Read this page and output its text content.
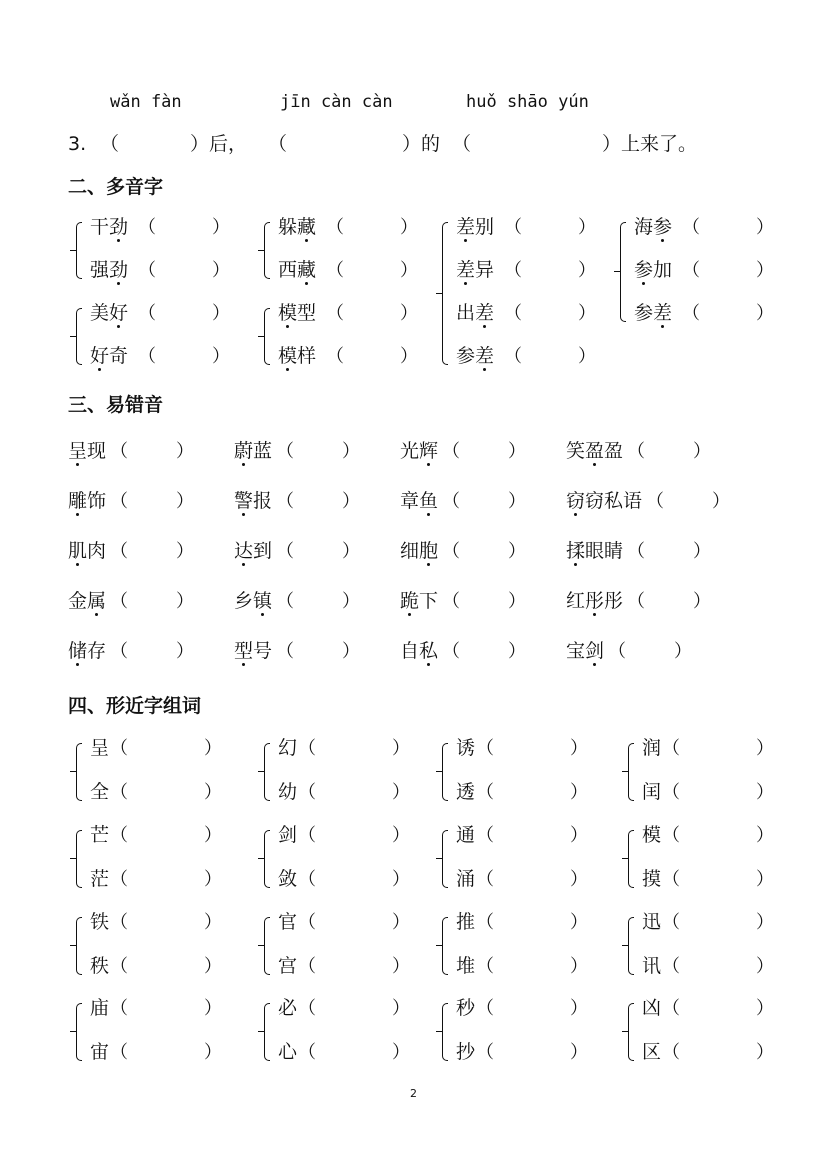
wǎn fàn	jīn càn càn	huǒ shāo yún
3. （	）后， （	）的 （	）上来了。
二、多音字
干劲 （	）
强劲 （	）
躲藏 （	）
西藏 （	）
差别 （	）
差异 （	）
出差 （	）
参差 （	）
海参 （	）
参加 （	）
参差 （	）
美好 （	）
好奇 （	）
模型 （	）
模样 （	）
三、易错音
呈现 （	） 蔚蓝 （	） 光辉 （	） 笑盈盈 （	）
雕饰 （	） 警报 （	） 章鱼 （	） 窃窃私语 （	）
肌肉 （	） 达到 （	） 细胞 （	） 揉眼睛 （	）
金属 （	） 乡镇 （	） 跪下 （	） 红彤彤 （	）
储存 （	） 型号 （	） 自私 （	） 宝剑 （	）
四、形近字组词
呈 （	）
全 （	）
幻 （	）
幼 （	）
诱 （	）
透 （	）
润 （	）
闰 （	）
芒 （	）
茫 （	）
剑 （	）
敛 （	）
通 （	）
涌 （	）
模 （	）
摸 （	）
铁 （	）
秩 （	）
官 （	）
宫 （	）
推 （	）
堆 （	）
迅 （	）
讯 （	）
庙 （	）
宙 （	）
必 （	）
心 （	）
秒 （	）
抄 （	）
凶 （	）
区 （	）
2
